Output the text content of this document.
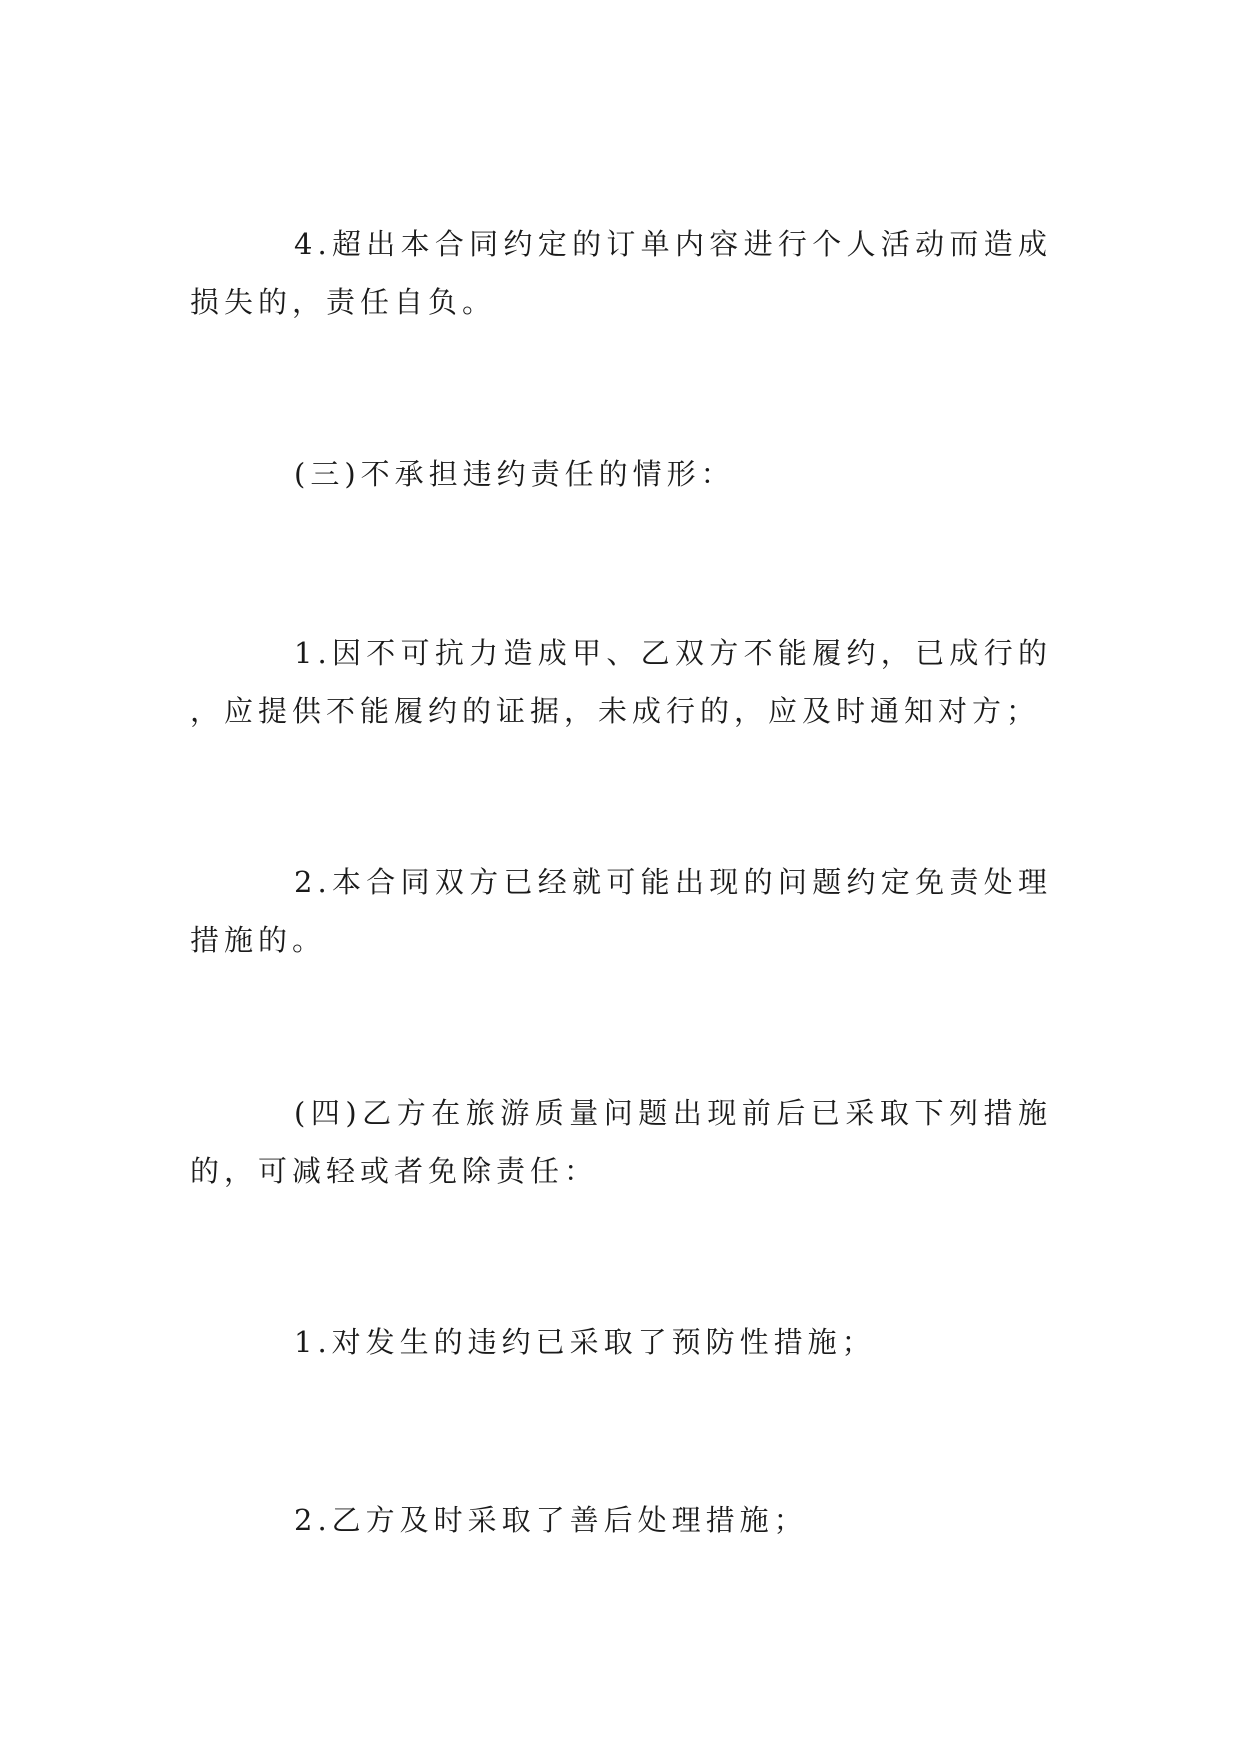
4.超出本合同约定的订单内容进行个人活动而造成损失的，责任自负。

(三)不承担违约责任的情形：

1.因不可抗力造成甲、乙双方不能履约，已成行的，应提供不能履约的证据，未成行的，应及时通知对方；

2.本合同双方已经就可能出现的问题约定免责处理措施的。

(四)乙方在旅游质量问题出现前后已采取下列措施的，可减轻或者免除责任：

1.对发生的违约已采取了预防性措施；

2.乙方及时采取了善后处理措施；
